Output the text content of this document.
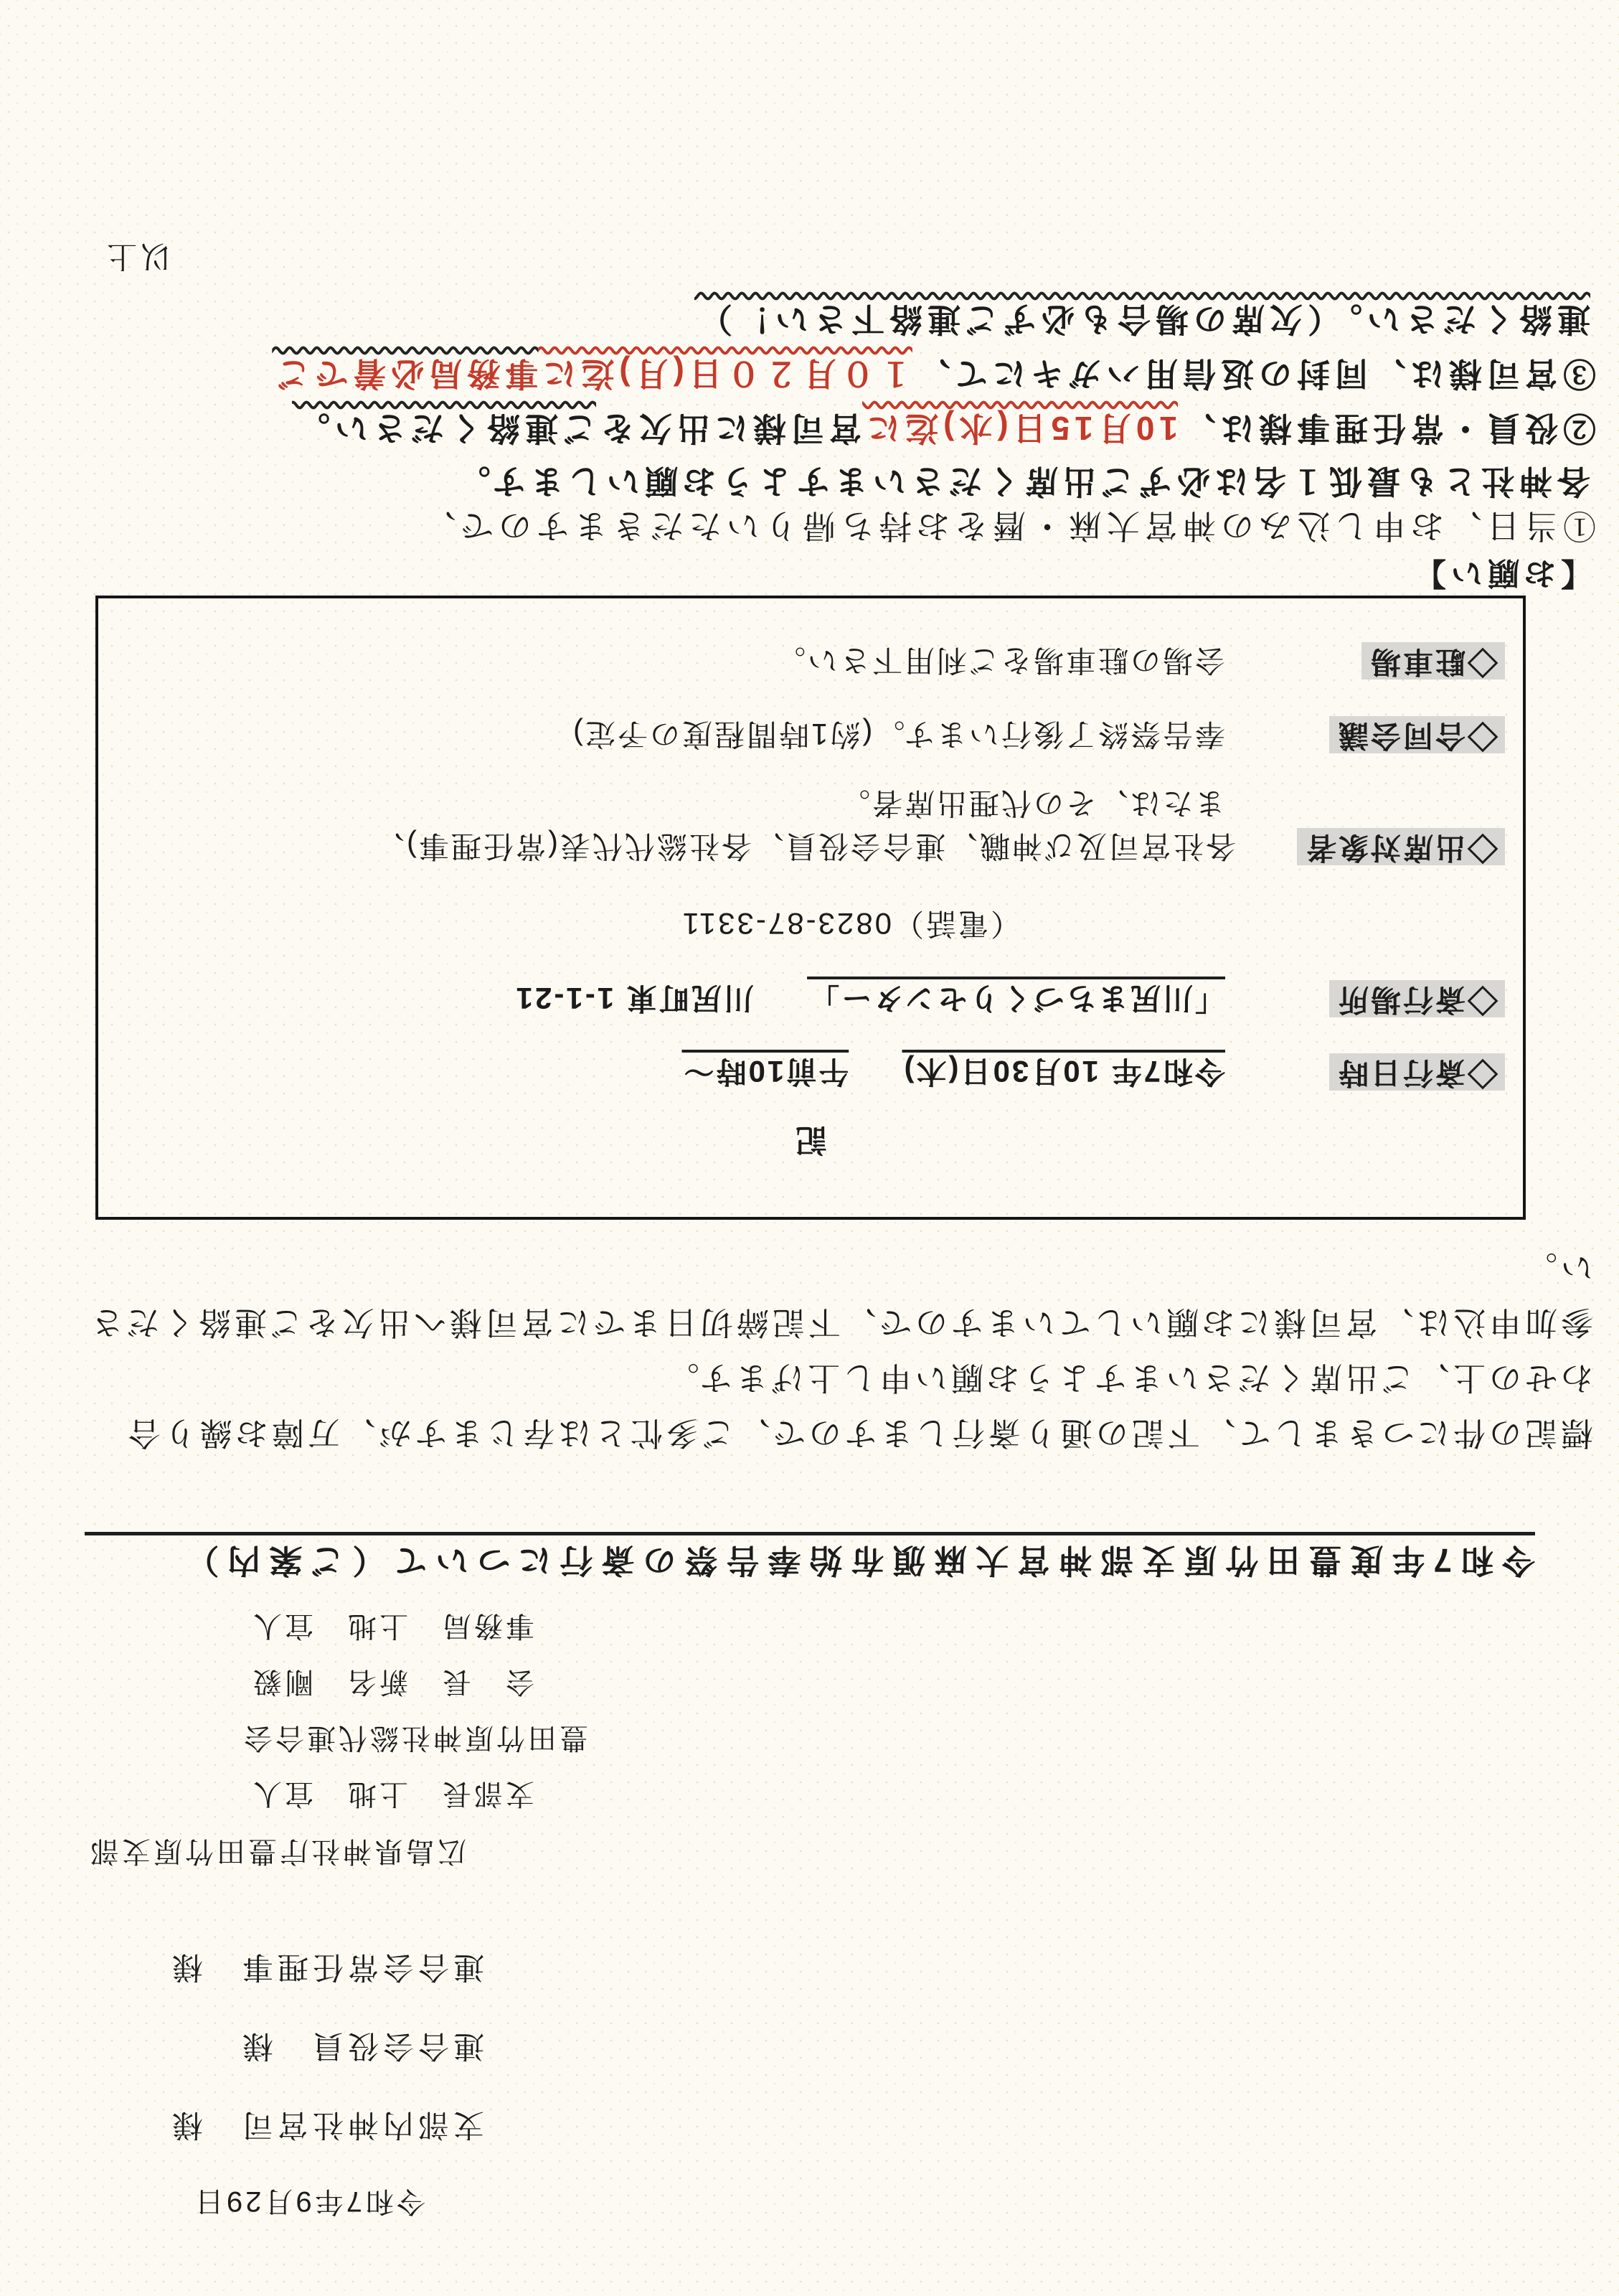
令和7年9月29日
支部内神社宮司　様
連合会役員　様
連合会常任理事　様
広島県神社庁豊田竹原支部
支部長　上地　宜人
豊田竹原神社総代連合会
会　長　新名　剛毅
事務局　上地　宜人
令和7年度豊田竹原支部神宮大麻頒布始奉告祭の斎行について（ご案内）
標記の件につきまして、下記の通り斎行しますので、ご多忙とは存じますが、万障お繰り合
わせの上、ご出席くださいますようお願い申し上げます。
参加申込は、宮司様にお願いしていますので、下記締切日までに宮司様へ出欠をご連絡くださ
い。
記
◇斎行日時
令和7年 10月30日(木) 　 午前10時〜
◇斎行場所
「川尻まちづくりセンター」 　 川尻町東 1-1-21
（電話）0823-87-3311
◇出席対象者
各社宮司及び神職、連合会役員、各社総代代表(常任理事)、
または、その代理出席者。
◇合同会議
奉告祭終了後行います。(約1時間程度の予定)
◇駐車場
会場の駐車場をご利用下さい。
【お願い】
①当日、お申し込みの神宮大麻・暦をお持ち帰りいただきますので、
各神社とも最低１名は必ずご出席くださいますようお願いします。
②役員・常任理事様は、10月15日(水)迄に宮司様に出欠をご連絡ください。
③宮司様は、同封の返信用ハガキにて、１０月２０日(月)迄に事務局必着でご
連絡ください。（欠席の場合も必ずご連絡下さい！）
以上
